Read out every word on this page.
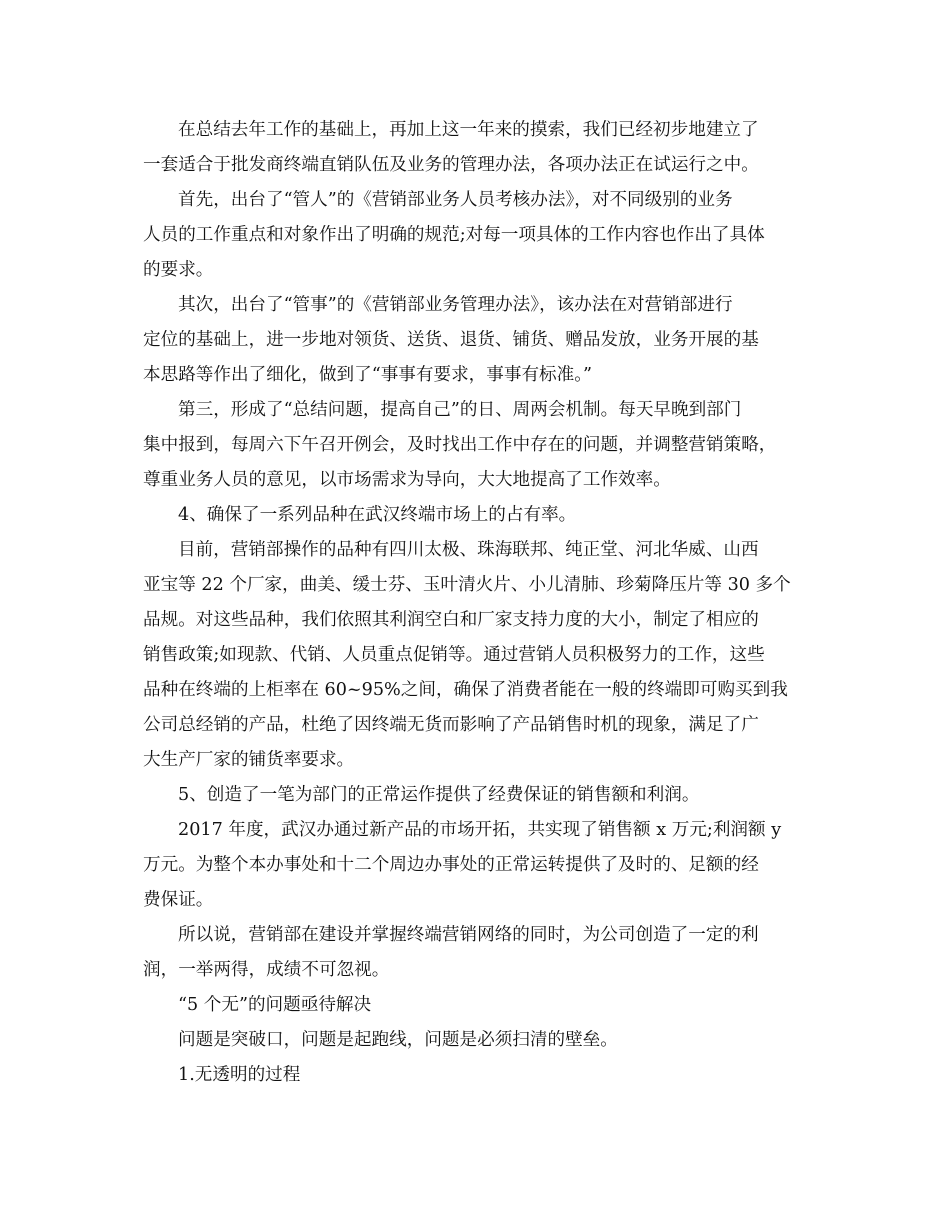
在总结去年工作的基础上，再加上这一年来的摸索，我们已经初步地建立了
一套适合于批发商终端直销队伍及业务的管理办法，各项办法正在试运行之中。

首先，出台了“管人”的《营销部业务人员考核办法》，对不同级别的业务
人员的工作重点和对象作出了明确的规范;对每一项具体的工作内容也作出了具体
的要求。

其次，出台了“管事”的《营销部业务管理办法》，该办法在对营销部进行
定位的基础上，进一步地对领货、送货、退货、铺货、赠品发放，业务开展的基
本思路等作出了细化，做到了“事事有要求，事事有标准。”

第三，形成了“总结问题，提高自己”的日、周两会机制。每天早晚到部门
集中报到，每周六下午召开例会，及时找出工作中存在的问题，并调整营销策略，
尊重业务人员的意见，以市场需求为导向，大大地提高了工作效率。

4、确保了一系列品种在武汉终端市场上的占有率。

目前，营销部操作的品种有四川太极、珠海联邦、纯正堂、河北华威、山西
亚宝等 22 个厂家，曲美、缓士芬、玉叶清火片、小儿清肺、珍菊降压片等 30 多个
品规。对这些品种，我们依照其利润空白和厂家支持力度的大小，制定了相应的
销售政策;如现款、代销、人员重点促销等。通过营销人员积极努力的工作，这些
品种在终端的上柜率在 60~95%之间，确保了消费者能在一般的终端即可购买到我
公司总经销的产品，杜绝了因终端无货而影响了产品销售时机的现象，满足了广
大生产厂家的铺货率要求。

5、创造了一笔为部门的正常运作提供了经费保证的销售额和利润。

2017 年度，武汉办通过新产品的市场开拓，共实现了销售额 x 万元;利润额 y
万元。为整个本办事处和十二个周边办事处的正常运转提供了及时的、足额的经
费保证。

所以说，营销部在建设并掌握终端营销网络的同时，为公司创造了一定的利
润，一举两得，成绩不可忽视。

“5 个无”的问题亟待解决

问题是突破口，问题是起跑线，问题是必须扫清的壁垒。

1.无透明的过程
